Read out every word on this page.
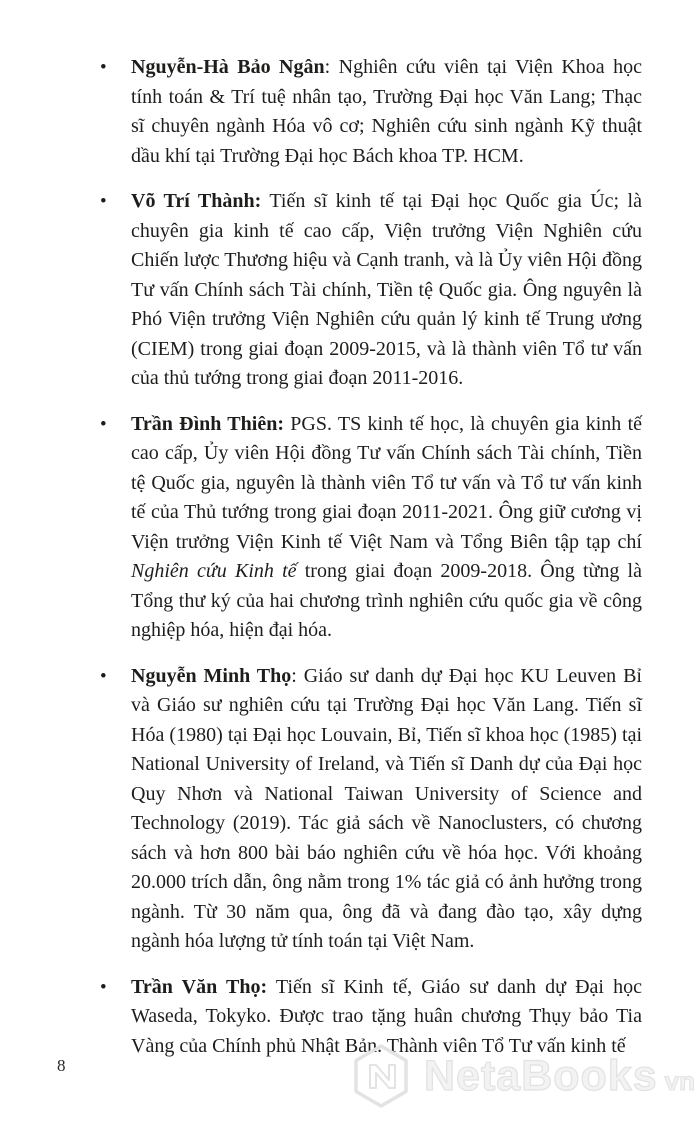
• Nguyễn-Hà Bảo Ngân: Nghiên cứu viên tại Viện Khoa học tính toán & Trí tuệ nhân tạo, Trường Đại học Văn Lang; Thạc sĩ chuyên ngành Hóa vô cơ; Nghiên cứu sinh ngành Kỹ thuật dầu khí tại Trường Đại học Bách khoa TP. HCM.
• Võ Trí Thành: Tiến sĩ kinh tế tại Đại học Quốc gia Úc; là chuyên gia kinh tế cao cấp, Viện trưởng Viện Nghiên cứu Chiến lược Thương hiệu và Cạnh tranh, và là Ủy viên Hội đồng Tư vấn Chính sách Tài chính, Tiền tệ Quốc gia. Ông nguyên là Phó Viện trưởng Viện Nghiên cứu quản lý kinh tế Trung ương (CIEM) trong giai đoạn 2009-2015, và là thành viên Tổ tư vấn của thủ tướng trong giai đoạn 2011-2016.
• Trần Đình Thiên: PGS. TS kinh tế học, là chuyên gia kinh tế cao cấp, Ủy viên Hội đồng Tư vấn Chính sách Tài chính, Tiền tệ Quốc gia, nguyên là thành viên Tổ tư vấn và Tổ tư vấn kinh tế của Thủ tướng trong giai đoạn 2011-2021. Ông giữ cương vị Viện trưởng Viện Kinh tế Việt Nam và Tổng Biên tập tạp chí Nghiên cứu Kinh tế trong giai đoạn 2009-2018. Ông từng là Tổng thư ký của hai chương trình nghiên cứu quốc gia về công nghiệp hóa, hiện đại hóa.
• Nguyễn Minh Thọ: Giáo sư danh dự Đại học KU Leuven Bỉ và Giáo sư nghiên cứu tại Trường Đại học Văn Lang. Tiến sĩ Hóa (1980) tại Đại học Louvain, Bỉ, Tiến sĩ khoa học (1985) tại National University of Ireland, và Tiến sĩ Danh dự của Đại học Quy Nhơn và National Taiwan University of Science and Technology (2019). Tác giả sách về Nanoclusters, có chương sách và hơn 800 bài báo nghiên cứu về hóa học. Với khoảng 20.000 trích dẫn, ông nằm trong 1% tác giả có ảnh hưởng trong ngành. Từ 30 năm qua, ông đã và đang đào tạo, xây dựng ngành hóa lượng tử tính toán tại Việt Nam.
• Trần Văn Thọ: Tiến sĩ Kinh tế, Giáo sư danh dự Đại học Waseda, Tokyko. Được trao tặng huân chương Thụy bảo Tia Vàng của Chính phủ Nhật Bản. Thành viên Tổ Tư vấn kinh tế
8	NetaBooks vn
